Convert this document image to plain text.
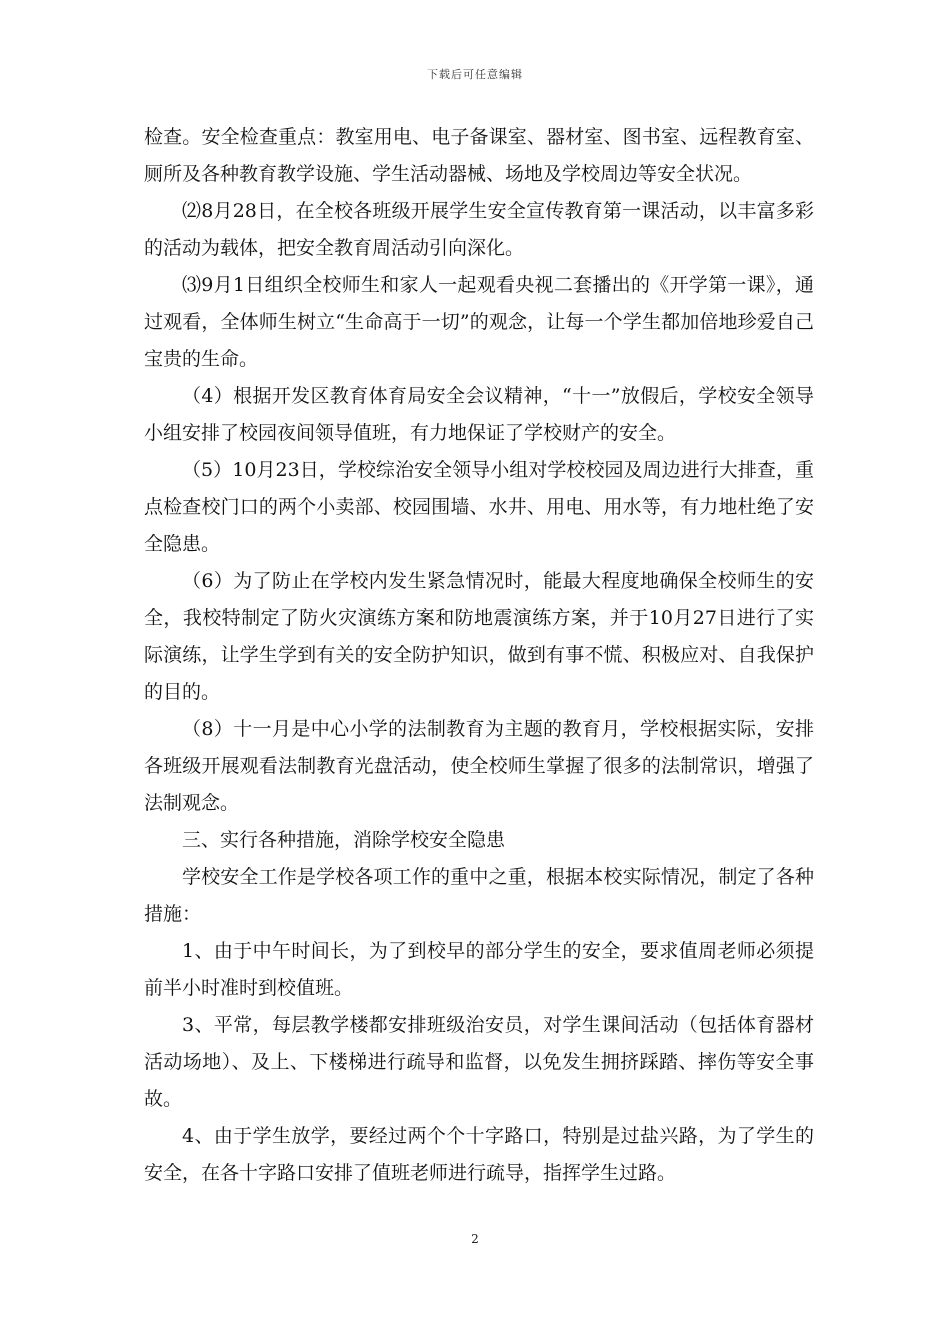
下载后可任意编辑

检查。安全检查重点：教室用电、电子备课室、器材室、图书室、远程教育室、厕所及各种教育教学设施、学生活动器械、场地及学校周边等安全状况。

⑵8月28日，在全校各班级开展学生安全宣传教育第一课活动，以丰富多彩的活动为载体，把安全教育周活动引向深化。

⑶9月1日组织全校师生和家人一起观看央视二套播出的《开学第一课》，通过观看，全体师生树立“生命高于一切”的观念，让每一个学生都加倍地珍爱自己宝贵的生命。

（4）根据开发区教育体育局安全会议精神，“十一”放假后，学校安全领导小组安排了校园夜间领导值班，有力地保证了学校财产的安全。

（5）10月23日，学校综治安全领导小组对学校校园及周边进行大排查，重点检查校门口的两个小卖部、校园围墙、水井、用电、用水等，有力地杜绝了安全隐患。

（6）为了防止在学校内发生紧急情况时，能最大程度地确保全校师生的安全，我校特制定了防火灾演练方案和防地震演练方案，并于10月27日进行了实际演练，让学生学到有关的安全防护知识，做到有事不慌、积极应对、自我保护的目的。

（8）十一月是中心小学的法制教育为主题的教育月，学校根据实际，安排各班级开展观看法制教育光盘活动，使全校师生掌握了很多的法制常识，增强了法制观念。

三、实行各种措施，消除学校安全隐患

学校安全工作是学校各项工作的重中之重，根据本校实际情况，制定了各种措施：

1、由于中午时间长，为了到校早的部分学生的安全，要求值周老师必须提前半小时准时到校值班。

3、平常，每层教学楼都安排班级治安员，对学生课间活动（包括体育器材活动场地）、及上、下楼梯进行疏导和监督，以免发生拥挤踩踏、摔伤等安全事故。

4、由于学生放学，要经过两个个十字路口，特别是过盐兴路，为了学生的安全，在各十字路口安排了值班老师进行疏导，指挥学生过路。

2
